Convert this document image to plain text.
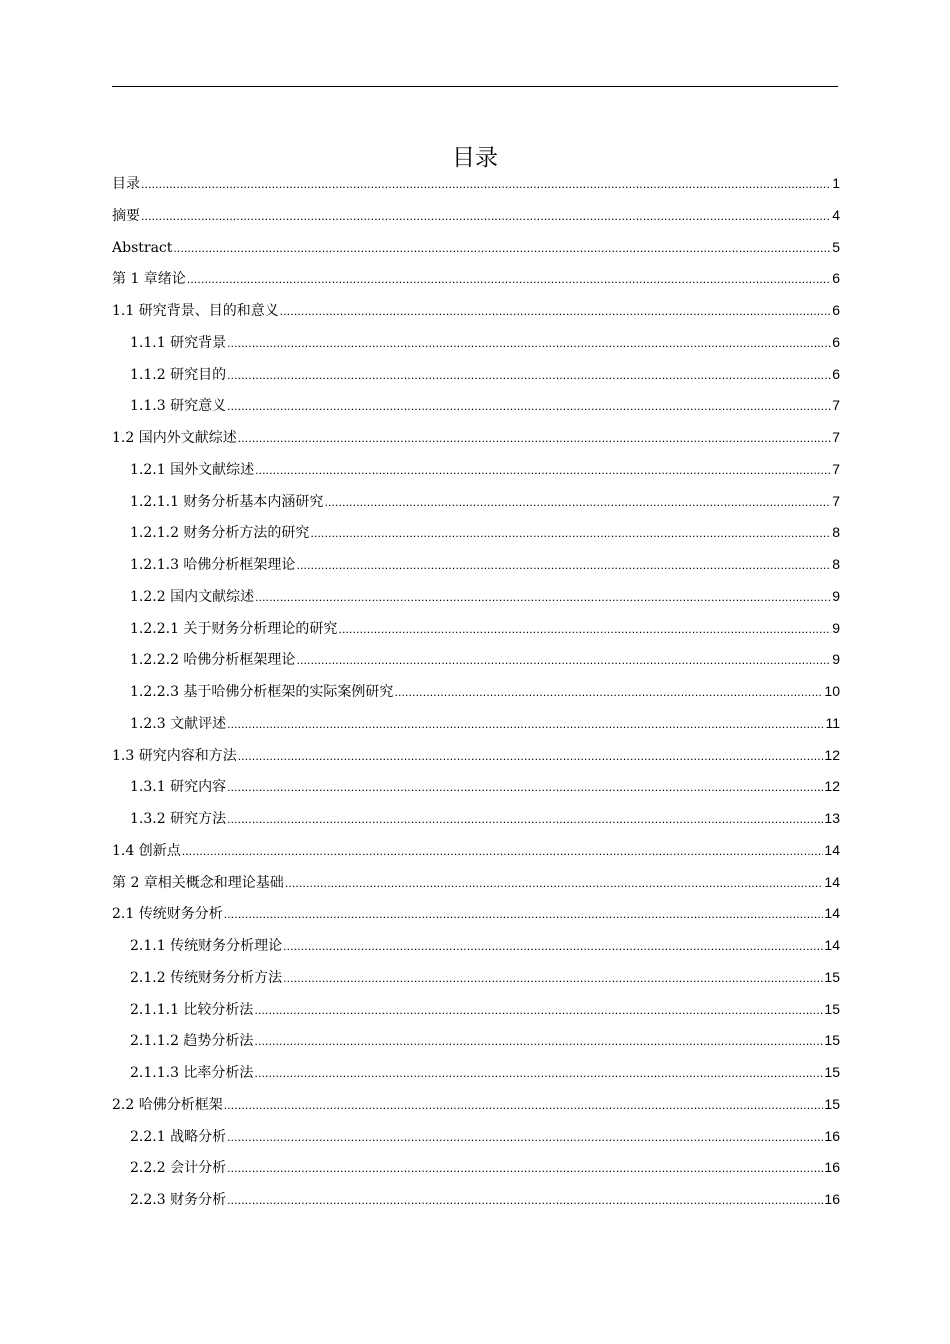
目录
目录 .....	1
摘要 .....	4
Abstract .....	5
第 1 章绪论 .....	6
1.1 研究背景、目的和意义 .....	6
1.1.1 研究背景 .....	6
1.1.2 研究目的 .....	6
1.1.3 研究意义 .....	7
1.2 国内外文献综述 .....	7
1.2.1 国外文献综述 .....	7
1.2.1.1 财务分析基本内涵研究 .....	7
1.2.1.2 财务分析方法的研究 .....	8
1.2.1.3 哈佛分析框架理论 .....	8
1.2.2 国内文献综述 .....	9
1.2.2.1 关于财务分析理论的研究 .....	9
1.2.2.2 哈佛分析框架理论 .....	9
1.2.2.3 基于哈佛分析框架的实际案例研究 .....	10
1.2.3 文献评述 .....	11
1.3 研究内容和方法 .....	12
1.3.1 研究内容 .....	12
1.3.2 研究方法 .....	13
1.4 创新点 .....	14
第 2 章相关概念和理论基础 .....	14
2.1 传统财务分析 .....	14
2.1.1 传统财务分析理论 .....	14
2.1.2 传统财务分析方法 .....	15
2.1.1.1 比较分析法 .....	15
2.1.1.2 趋势分析法 .....	15
2.1.1.3 比率分析法 .....	15
2.2 哈佛分析框架 .....	15
2.2.1 战略分析 .....	16
2.2.2 会计分析 .....	16
2.2.3 财务分析 .....	16
